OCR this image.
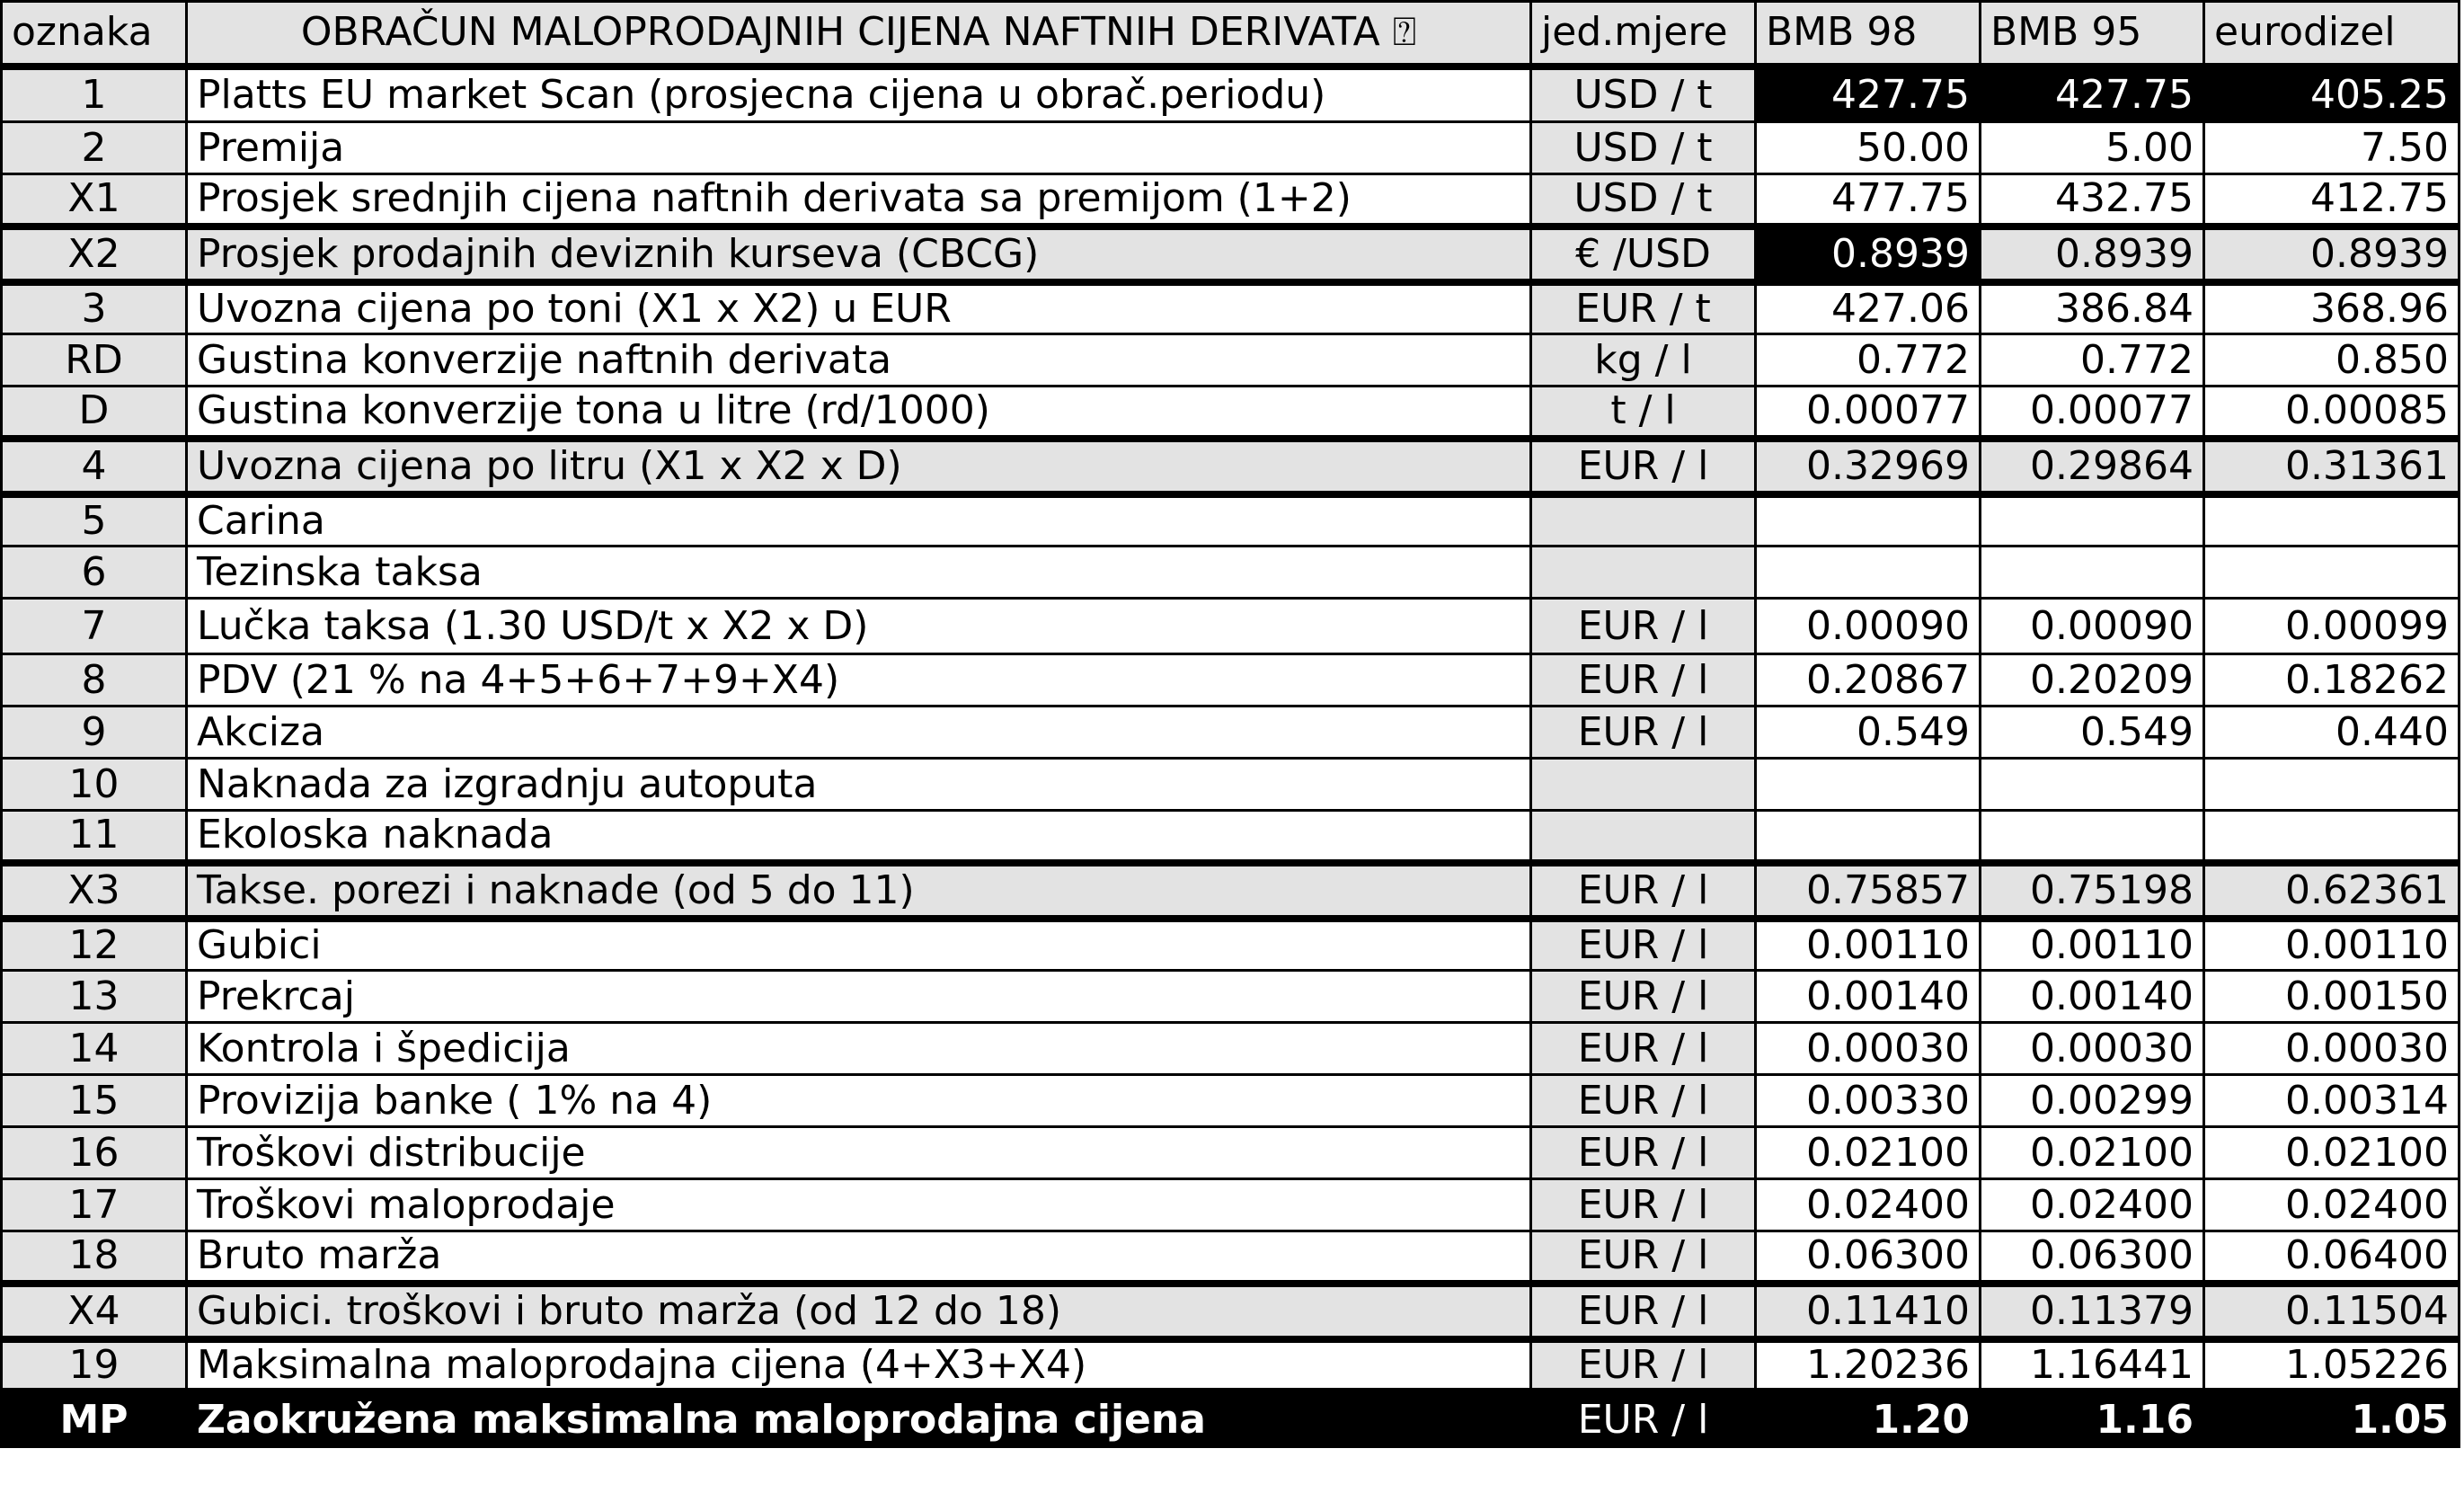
oznaka	OBRAČUN MALOPRODAJNIH CIJENA NAFTNIH DERIVATA ⍰	jed.mjere	BMB 98	BMB 95	eurodizel
1	Platts EU market Scan (prosjecna cijena u obrač.periodu)	USD / t	427.75	427.75	405.25
2	Premija	USD / t	50.00	5.00	7.50
X1	Prosjek srednjih cijena naftnih derivata sa premijom (1+2)	USD / t	477.75	432.75	412.75
X2	Prosjek prodajnih deviznih kurseva (CBCG)	€ /USD	0.8939	0.8939	0.8939
3	Uvozna cijena po toni (X1 x X2) u EUR	EUR / t	427.06	386.84	368.96
RD	Gustina konverzije naftnih derivata	kg / l	0.772	0.772	0.850
D	Gustina konverzije tona u litre (rd/1000)	t / l	0.00077	0.00077	0.00085
4	Uvozna cijena po litru (X1 x X2 x D)	EUR / l	0.32969	0.29864	0.31361
5	Carina				
6	Tezinska taksa				
7	Lučka taksa (1.30 USD/t x X2 x D)	EUR / l	0.00090	0.00090	0.00099
8	PDV (21 % na 4+5+6+7+9+X4)	EUR / l	0.20867	0.20209	0.18262
9	Akciza	EUR / l	0.549	0.549	0.440
10	Naknada za izgradnju autoputa				
11	Ekoloska naknada				
X3	Takse. porezi i naknade (od 5 do 11)	EUR / l	0.75857	0.75198	0.62361
12	Gubici	EUR / l	0.00110	0.00110	0.00110
13	Prekrcaj	EUR / l	0.00140	0.00140	0.00150
14	Kontrola i špedicija	EUR / l	0.00030	0.00030	0.00030
15	Provizija banke ( 1% na 4)	EUR / l	0.00330	0.00299	0.00314
16	Troškovi distribucije	EUR / l	0.02100	0.02100	0.02100
17	Troškovi maloprodaje	EUR / l	0.02400	0.02400	0.02400
18	Bruto marža	EUR / l	0.06300	0.06300	0.06400
X4	Gubici. troškovi i bruto marža (od 12 do 18)	EUR / l	0.11410	0.11379	0.11504
19	Maksimalna maloprodajna cijena (4+X3+X4)	EUR / l	1.20236	1.16441	1.05226
MP	Zaokružena maksimalna maloprodajna cijena	EUR / l	1.20	1.16	1.05
